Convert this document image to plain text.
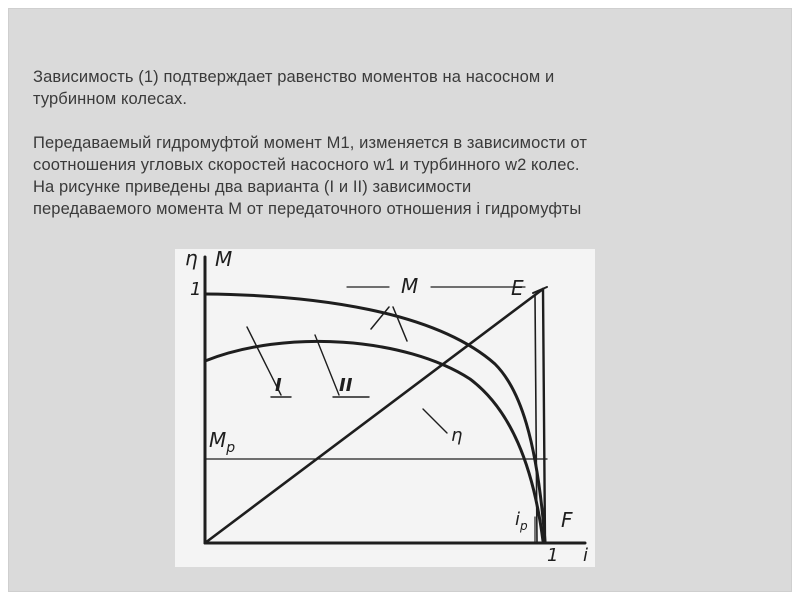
Зависимость (1) подтверждает равенство моментов на насосном и
турбинном колесах.

Передаваемый гидромуфтой момент М1, изменяется в зависимости от
соотношения угловых скоростей насосного w1 и турбинного w2 колес.
На рисунке приведены два варианта (I и II) зависимости
передаваемого момента М от передаточного отношения i гидромуфты

η M
1	M	E
I	II
η
$M_p$
$i_p$ F
1 i
